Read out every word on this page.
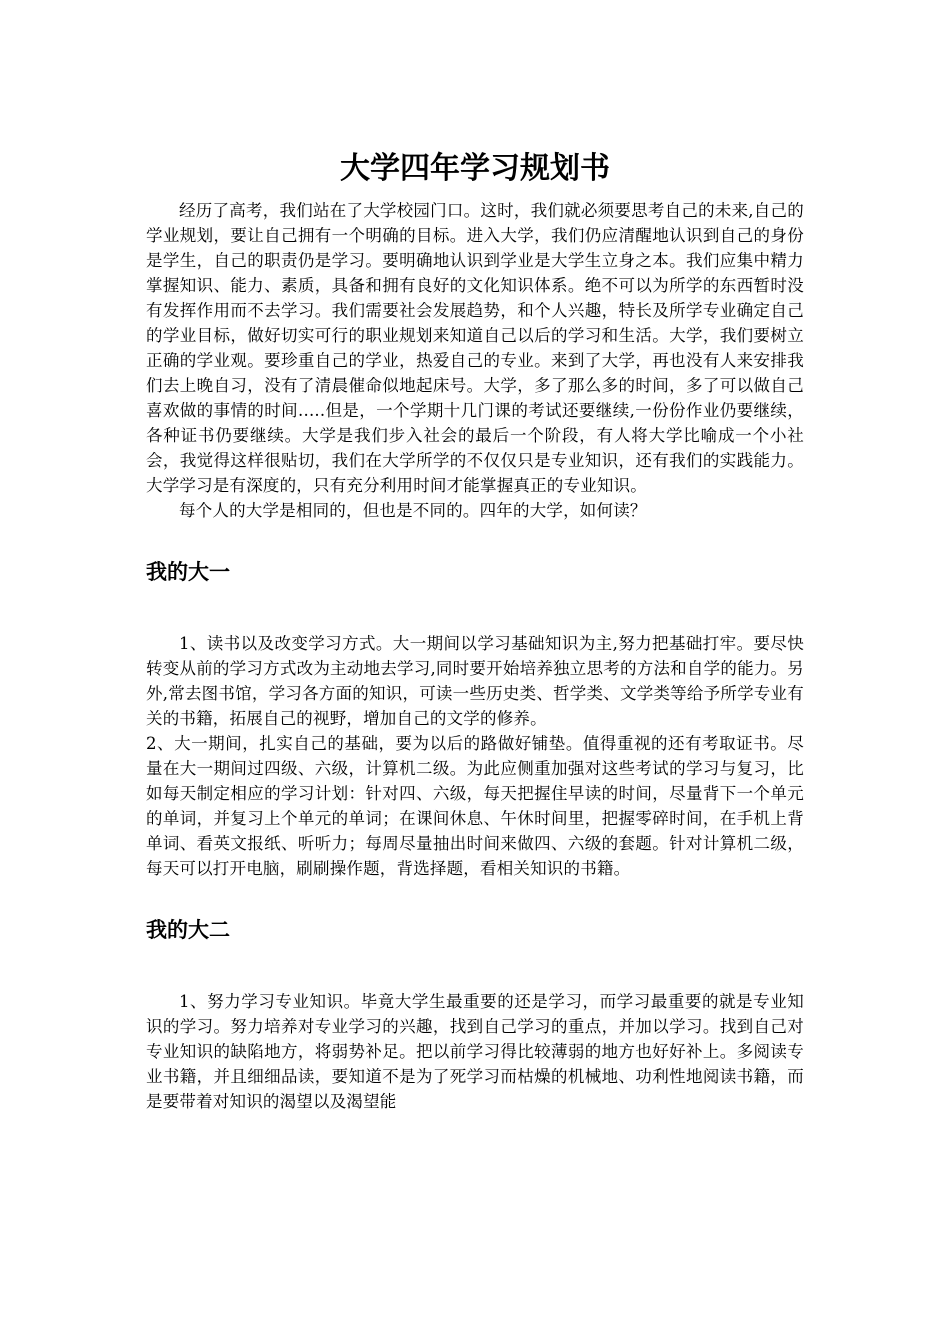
大学四年学习规划书

经历了高考，我们站在了大学校园门口。这时，我们就必须要思考自己的未来,自己的学业规划，要让自己拥有一个明确的目标。进入大学，我们仍应清醒地认识到自己的身份是学生，自己的职责仍是学习。要明确地认识到学业是大学生立身之本。我们应集中精力掌握知识、能力、素质，具备和拥有良好的文化知识体系。绝不可以为所学的东西暂时没有发挥作用而不去学习。我们需要社会发展趋势，和个人兴趣，特长及所学专业确定自己的学业目标，做好切实可行的职业规划来知道自己以后的学习和生活。大学，我们要树立正确的学业观。要珍重自己的学业，热爱自己的专业。来到了大学，再也没有人来安排我们去上晚自习，没有了清晨催命似地起床号。大学，多了那么多的时间，多了可以做自己喜欢做的事情的时间.....但是，一个学期十几门课的考试还要继续,一份份作业仍要继续，各种证书仍要继续。大学是我们步入社会的最后一个阶段，有人将大学比喻成一个小社会，我觉得这样很贴切，我们在大学所学的不仅仅只是专业知识，还有我们的实践能力。大学学习是有深度的，只有充分利用时间才能掌握真正的专业知识。

每个人的大学是相同的，但也是不同的。四年的大学，如何读？

我的大一

1、读书以及改变学习方式。大一期间以学习基础知识为主,努力把基础打牢。要尽快转变从前的学习方式改为主动地去学习,同时要开始培养独立思考的方法和自学的能力。另外,常去图书馆，学习各方面的知识，可读一些历史类、哲学类、文学类等给予所学专业有关的书籍，拓展自己的视野，增加自己的文学的修养。

2、大一期间，扎实自己的基础，要为以后的路做好铺垫。值得重视的还有考取证书。尽量在大一期间过四级、六级，计算机二级。为此应侧重加强对这些考试的学习与复习，比如每天制定相应的学习计划：针对四、六级，每天把握住早读的时间，尽量背下一个单元的单词，并复习上个单元的单词；在课间休息、午休时间里，把握零碎时间，在手机上背单词、看英文报纸、听听力；每周尽量抽出时间来做四、六级的套题。针对计算机二级，每天可以打开电脑，刷刷操作题，背选择题，看相关知识的书籍。

我的大二

1、努力学习专业知识。毕竟大学生最重要的还是学习，而学习最重要的就是专业知识的学习。努力培养对专业学习的兴趣，找到自己学习的重点，并加以学习。找到自己对专业知识的缺陷地方，将弱势补足。把以前学习得比较薄弱的地方也好好补上。多阅读专业书籍，并且细细品读，要知道不是为了死学习而枯燥的机械地、功利性地阅读书籍，而是要带着对知识的渴望以及渴望能
